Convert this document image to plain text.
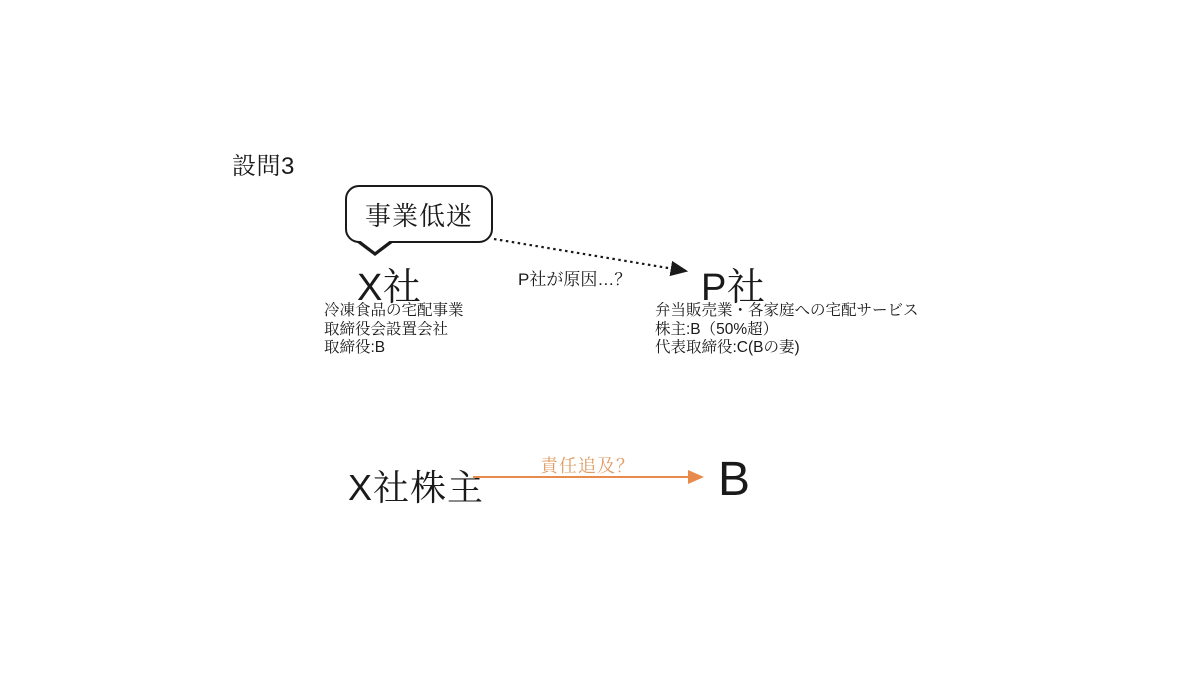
設問3
事業低迷
P社が原因…？
X社
冷凍食品の宅配事業
取締役会設置会社
取締役:B
P社
弁当販売業・各家庭への宅配サービス
株主:B（50%超）
代表取締役:C(Bの妻)
X社株主
責任追及？ B
